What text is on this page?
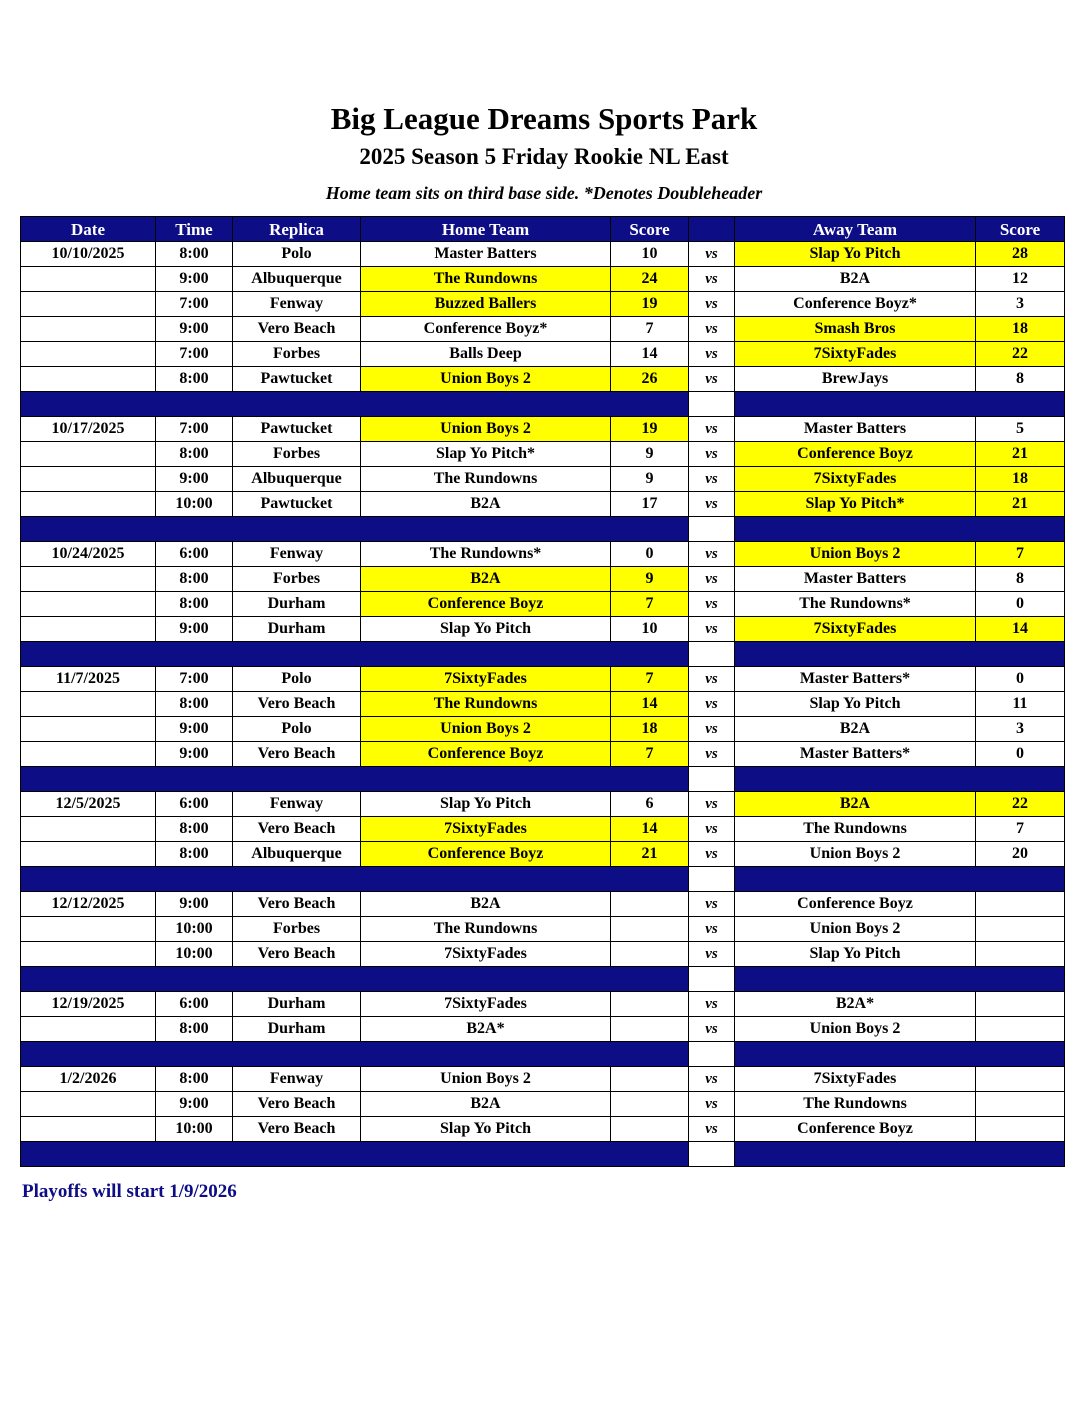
Big League Dreams Sports Park
2025 Season 5 Friday Rookie NL East
Home team sits on third base side. *Denotes Doubleheader
Date	Time	Replica	Home Team	Score		Away Team	Score
10/10/2025	8:00	Polo	Master Batters	10	vs	Slap Yo Pitch	28
	9:00	Albuquerque	The Rundowns	24	vs	B2A	12
	7:00	Fenway	Buzzed Ballers	19	vs	Conference Boyz*	3
	9:00	Vero Beach	Conference Boyz*	7	vs	Smash Bros	18
	7:00	Forbes	Balls Deep	14	vs	7SixtyFades	22
	8:00	Pawtucket	Union Boys 2	26	vs	BrewJays	8

10/17/2025	7:00	Pawtucket	Union Boys 2	19	vs	Master Batters	5
	8:00	Forbes	Slap Yo Pitch*	9	vs	Conference Boyz	21
	9:00	Albuquerque	The Rundowns	9	vs	7SixtyFades	18
	10:00	Pawtucket	B2A	17	vs	Slap Yo Pitch*	21

10/24/2025	6:00	Fenway	The Rundowns*	0	vs	Union Boys 2	7
	8:00	Forbes	B2A	9	vs	Master Batters	8
	8:00	Durham	Conference Boyz	7	vs	The Rundowns*	0
	9:00	Durham	Slap Yo Pitch	10	vs	7SixtyFades	14

11/7/2025	7:00	Polo	7SixtyFades	7	vs	Master Batters*	0
	8:00	Vero Beach	The Rundowns	14	vs	Slap Yo Pitch	11
	9:00	Polo	Union Boys 2	18	vs	B2A	3
	9:00	Vero Beach	Conference Boyz	7	vs	Master Batters*	0

12/5/2025	6:00	Fenway	Slap Yo Pitch	6	vs	B2A	22
	8:00	Vero Beach	7SixtyFades	14	vs	The Rundowns	7
	8:00	Albuquerque	Conference Boyz	21	vs	Union Boys 2	20

12/12/2025	9:00	Vero Beach	B2A		vs	Conference Boyz	
	10:00	Forbes	The Rundowns		vs	Union Boys 2	
	10:00	Vero Beach	7SixtyFades		vs	Slap Yo Pitch	

12/19/2025	6:00	Durham	7SixtyFades		vs	B2A*	
	8:00	Durham	B2A*		vs	Union Boys 2	

1/2/2026	8:00	Fenway	Union Boys 2		vs	7SixtyFades	
	9:00	Vero Beach	B2A		vs	The Rundowns	
	10:00	Vero Beach	Slap Yo Pitch		vs	Conference Boyz	

Playoffs will start 1/9/2026
